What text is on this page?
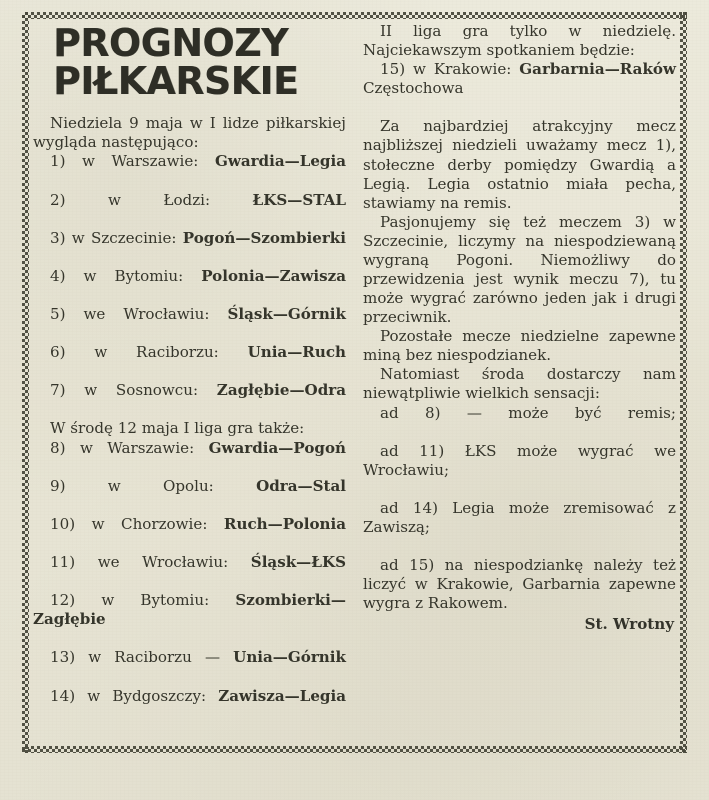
PROGNOZY
PIŁKARSKIE

Niedziela 9 maja w I lidze piłkarskiej wygląda następująco:

1) w Warszawie: Gwardia—Legia

2) w Łodzi: ŁKS—STAL

3) w Szczecinie: Pogoń—Szombierki

4) w Bytomiu: Polonia—Zawisza

5) we Wrocławiu: Śląsk—Górnik

6) w Raciborzu: Unia—Ruch

7) w Sosnowcu: Zagłębie—Odra

W środę 12 maja I liga gra także:

8) w Warszawie: Gwardia—Pogoń

9) w Opolu: Odra—Stal

10) w Chorzowie: Ruch—Polonia

11) we Wrocławiu: Śląsk—ŁKS

12) w Bytomiu: Szombierki—Zagłębie

13) w Raciborzu — Unia—Górnik

14) w Bydgoszczy: Zawisza—Legia

II liga gra tylko w niedzielę. Najciekawszym spotkaniem będzie:

15) w Krakowie: Garbarnia—Raków Częstochowa

Za najbardziej atrakcyjny mecz najbliższej niedzieli uważamy mecz 1), stołeczne derby pomiędzy Gwardią a Legią. Legia ostatnio miała pecha, stawiamy na remis.

Pasjonujemy się też meczem 3) w Szczecinie, liczymy na niespodziewaną wygraną Pogoni. Niemożliwy do przewidzenia jest wynik meczu 7), tu może wygrać zarówno jeden jak i drugi przeciwnik.

Pozostałe mecze niedzielne zapewne miną bez niespodzianek.

Natomiast środa dostarczy nam niewątpliwie wielkich sensacji:

ad 8) — może być remis;

ad 11) ŁKS może wygrać we Wrocławiu;

ad 14) Legia może zremisować z Zawiszą;

ad 15) na niespodziankę należy też liczyć w Krakowie, Garbarnia zapewne wygra z Rakowem.

St. Wrotny
